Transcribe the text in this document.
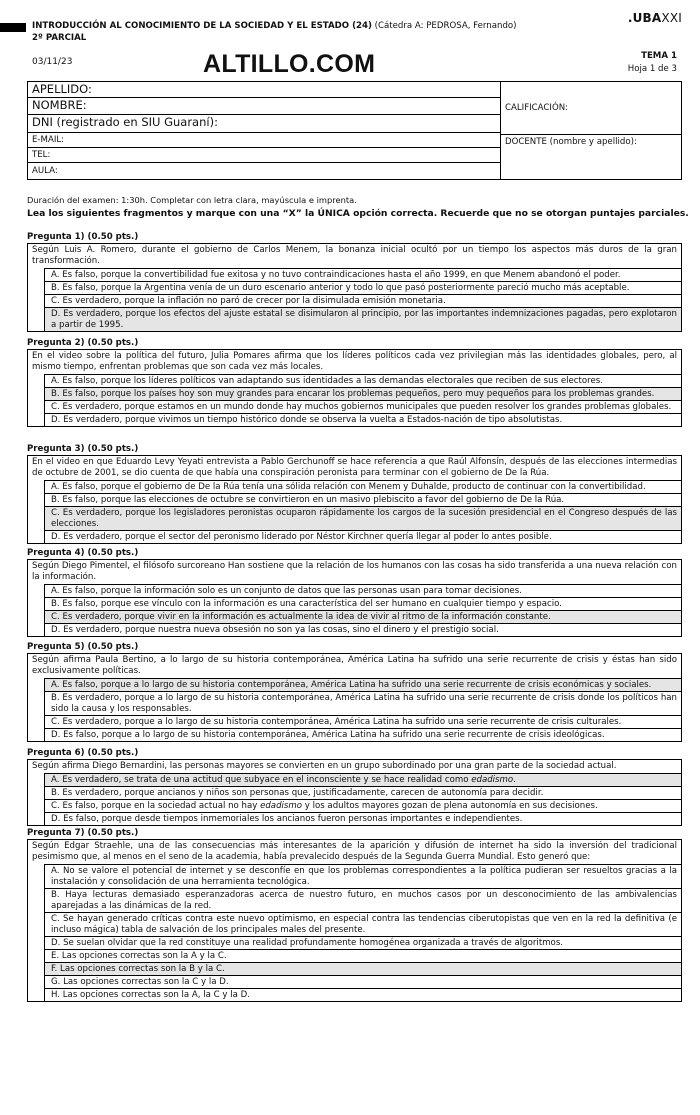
INTRODUCCIÓN AL CONOCIMIENTO DE LA SOCIEDAD Y EL ESTADO (24) (Cátedra A: PEDROSA, Fernando)
2º PARCIAL
.UBAXXI
03/11/23	ALTILLO.COM	TEMA 1
Hoja 1 de 3
APELLIDO:
NOMBRE:
DNI (registrado en SIU Guaraní):
E-MAIL:
TEL:
AULA:
CALIFICACIÓN:
DOCENTE (nombre y apellido):
Duración del examen: 1:30h. Completar con letra clara, mayúscula e imprenta.
Lea los siguientes fragmentos y marque con una “X” la ÚNICA opción correcta. Recuerde que no se otorgan puntajes parciales.
Pregunta 1) (0.50 pts.)
Según Luis A. Romero, durante el gobierno de Carlos Menem, la bonanza inicial ocultó por un tiempo los aspectos más duros de la gran transformación.
A. Es falso, porque la convertibilidad fue exitosa y no tuvo contraindicaciones hasta el año 1999, en que Menem abandonó el poder.
B. Es falso, porque la Argentina venía de un duro escenario anterior y todo lo que pasó posteriormente pareció mucho más aceptable.
C. Es verdadero, porque la inflación no paró de crecer por la disimulada emisión monetaria.
D. Es verdadero, porque los efectos del ajuste estatal se disimularon al principio, por las importantes indemnizaciones pagadas, pero explotaron a partir de 1995.
Pregunta 2) (0.50 pts.)
En el video sobre la política del futuro, Julia Pomares afirma que los líderes políticos cada vez privilegian más las identidades globales, pero, al mismo tiempo, enfrentan problemas que son cada vez más locales.
A. Es falso, porque los líderes políticos van adaptando sus identidades a las demandas electorales que reciben de sus electores.
B. Es falso, porque los países hoy son muy grandes para encarar los problemas pequeños, pero muy pequeños para los problemas grandes.
C. Es verdadero, porque estamos en un mundo donde hay muchos gobiernos municipales que pueden resolver los grandes problemas globales.
D. Es verdadero, porque vivimos un tiempo histórico donde se observa la vuelta a Estados-nación de tipo absolutistas.
Pregunta 3) (0.50 pts.)
En el video en que Eduardo Levy Yeyati entrevista a Pablo Gerchunoff se hace referencia a que Raúl Alfonsín, después de las elecciones intermedias de octubre de 2001, se dio cuenta de que había una conspiración peronista para terminar con el gobierno de De la Rúa.
A. Es falso, porque el gobierno de De la Rúa tenía una sólida relación con Menem y Duhalde, producto de continuar con la convertibilidad.
B. Es falso, porque las elecciones de octubre se convirtieron en un masivo plebiscito a favor del gobierno de De la Rúa.
C. Es verdadero, porque los legisladores peronistas ocuparon rápidamente los cargos de la sucesión presidencial en el Congreso después de las elecciones.
D. Es verdadero, porque el sector del peronismo liderado por Néstor Kirchner quería llegar al poder lo antes posible.
Pregunta 4) (0.50 pts.)
Según Diego Pimentel, el filósofo surcoreano Han sostiene que la relación de los humanos con las cosas ha sido transferida a una nueva relación con la información.
A. Es falso, porque la información solo es un conjunto de datos que las personas usan para tomar decisiones.
B. Es falso, porque ese vínculo con la información es una característica del ser humano en cualquier tiempo y espacio.
C. Es verdadero, porque vivir en la información es actualmente la idea de vivir al ritmo de la información constante.
D. Es verdadero, porque nuestra nueva obsesión no son ya las cosas, sino el dinero y el prestigio social.
Pregunta 5) (0.50 pts.)
Según afirma Paula Bertino, a lo largo de su historia contemporánea, América Latina ha sufrido una serie recurrente de crisis y éstas han sido exclusivamente políticas.
A. Es falso, porque a lo largo de su historia contemporánea, América Latina ha sufrido una serie recurrente de crisis económicas y sociales.
B. Es verdadero, porque a lo largo de su historia contemporánea, América Latina ha sufrido una serie recurrente de crisis donde los políticos han sido la causa y los responsables.
C. Es verdadero, porque a lo largo de su historia contemporánea, América Latina ha sufrido una serie recurrente de crisis culturales.
D. Es falso, porque a lo largo de su historia contemporánea, América Latina ha sufrido una serie recurrente de crisis ideológicas.
Pregunta 6) (0.50 pts.)
Según afirma Diego Bernardini, las personas mayores se convierten en un grupo subordinado por una gran parte de la sociedad actual.
A. Es verdadero, se trata de una actitud que subyace en el inconsciente y se hace realidad como edadismo.
B. Es verdadero, porque ancianos y niños son personas que, justificadamente, carecen de autonomía para decidir.
C. Es falso, porque en la sociedad actual no hay edadismo y los adultos mayores gozan de plena autonomía en sus decisiones.
D. Es falso, porque desde tiempos inmemoriales los ancianos fueron personas importantes e independientes.
Pregunta 7) (0.50 pts.)
Según Edgar Straehle, una de las consecuencias más interesantes de la aparición y difusión de internet ha sido la inversión del tradicional pesimismo que, al menos en el seno de la academia, había prevalecido después de la Segunda Guerra Mundial. Esto generó que:
A. No se valore el potencial de internet y se desconfíe en que los problemas correspondientes a la política pudieran ser resueltos gracias a la instalación y consolidación de una herramienta tecnológica.
B. Haya lecturas demasiado esperanzadoras acerca de nuestro futuro, en muchos casos por un desconocimiento de las ambivalencias aparejadas a las dinámicas de la red.
C. Se hayan generado críticas contra este nuevo optimismo, en especial contra las tendencias ciberutopistas que ven en la red la definitiva (e incluso mágica) tabla de salvación de los principales males del presente.
D. Se suelan olvidar que la red constituye una realidad profundamente homogénea organizada a través de algoritmos.
E. Las opciones correctas son la A y la C.
F. Las opciones correctas son la B y la C.
G. Las opciones correctas son la C y la D.
H. Las opciones correctas son la A, la C y la D.
